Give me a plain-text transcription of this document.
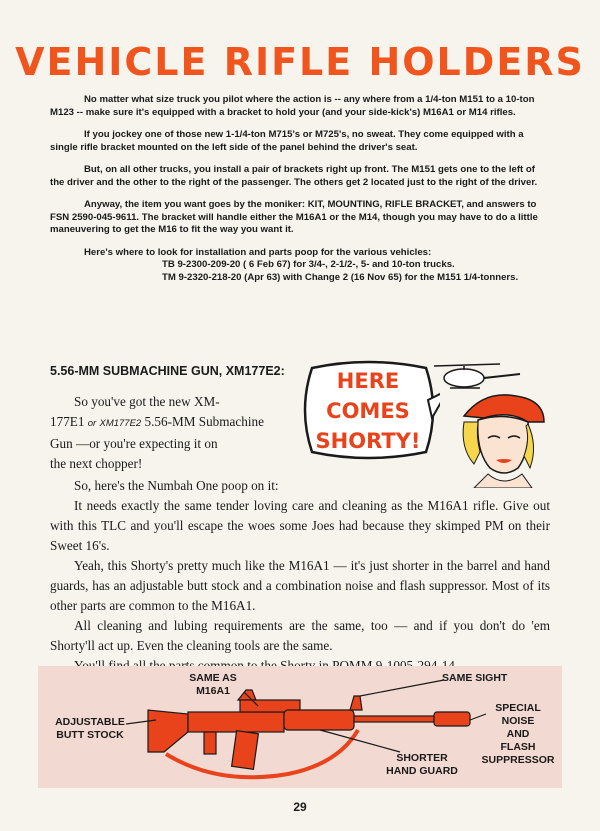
VEHICLE RIFLE HOLDERS

No matter what size truck you pilot where the action is -- any where from a 1/4-ton M151 to a 10-ton M123 -- make sure it's equipped with a bracket to hold your (and your side-kick's) M16A1 or M14 rifles.

If you jockey one of those new 1-1/4-ton M715's or M725's, no sweat. They come equipped with a single rifle bracket mounted on the left side of the panel behind the driver's seat.

But, on all other trucks, you install a pair of brackets right up front. The M151 gets one to the left of the driver and the other to the right of the passenger. The others get 2 located just to the right of the driver.

Anyway, the item you want goes by the moniker: KIT, MOUNTING, RIFLE BRACKET, and answers to FSN 2590-045-9611. The bracket will handle either the M16A1 or the M14, though you may have to do a little maneuvering to get the M16 to fit the way you want it.

Here's where to look for installation and parts poop for the various vehicles:

TB 9-2300-209-20 ( 6 Feb 67) for 3/4-, 2-1/2-, 5- and 10-ton trucks.

TM 9-2320-218-20 (Apr 63) with Change 2 (16 Nov 65) for the M151 1/4-tonners.

5.56-MM SUBMACHINE GUN, XM177E2:
So you've got the new XM-
177E1 or XM177E2 5.56-MM Submachine
Gun —or you're expecting it on
the next chopper!
HERE
COMES
SHORTY!

So, here's the Numbah One poop on it:

It needs exactly the same tender loving care and cleaning as the M16A1 rifle. Give out with this TLC and you'll escape the woes some Joes had because they skimped PM on their Sweet 16's.

Yeah, this Shorty's pretty much like the M16A1 — it's just shorter in the barrel and hand guards, has an adjustable butt stock and a combination noise and flash suppressor. Most of its other parts are common to the M16A1.

All cleaning and lubing requirements are the same, too — and if you don't do 'em Shorty'll act up. Even the cleaning tools are the same.

SAME AS
M16A1
SAME SIGHT
ADJUSTABLE
BUTT STOCK
SPECIAL
NOISE
AND
FLASH
SUPPRESSOR
SHORTER
HAND GUARD
29
